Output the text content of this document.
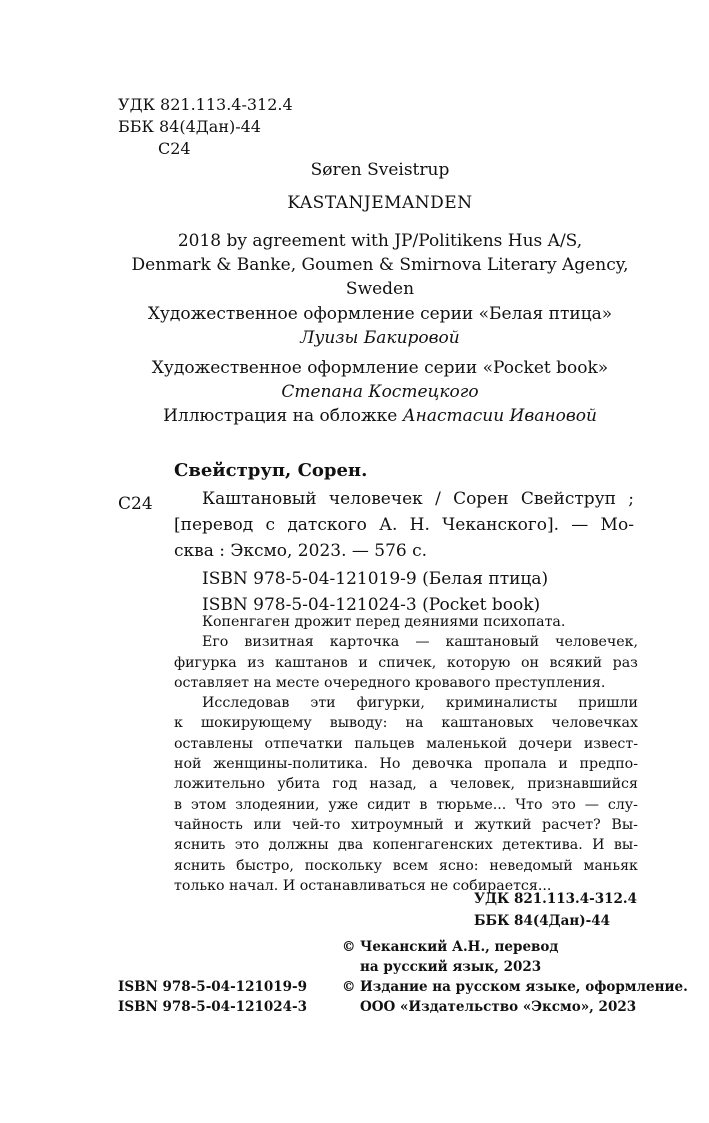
УДК 821.113.4-312.4
ББК 84(4Дан)-44
С24
Søren Sveistrup
KASTANJEMANDEN
2018 by agreement with JP/Politikens Hus A/S,
Denmark & Banke, Goumen & Smirnova Literary Agency,
Sweden
Художественное оформление серии «Белая птица»
Луизы Бакировой
Художественное оформление серии «Pocket book»
Степана Костецкого
Иллюстрация на обложке Анастасии Ивановой
Свейструп, Сорен.
С24	Каштановый человечек / Сорен Свейструп ;
[перевод с датского А. Н. Чеканского]. — Мо-
сква : Эксмо, 2023. — 576 с.
ISBN 978-5-04-121019-9 (Белая птица)
ISBN 978-5-04-121024-3 (Pocket book)
Копенгаген дрожит перед деяниями психопата.
Его визитная карточка — каштановый человечек,
фигурка из каштанов и спичек, которую он всякий раз
оставляет на месте очередного кровавого преступления.
Исследовав эти фигурки, криминалисты пришли
к шокирующему выводу: на каштановых человечках
оставлены отпечатки пальцев маленькой дочери извест-
ной женщины-политика. Но девочка пропала и предпо-
ложительно убита год назад, а человек, признавшийся
в этом злодеянии, уже сидит в тюрьме... Что это — слу-
чайность или чей-то хитроумный и жуткий расчет? Вы-
яснить это должны два копенгагенских детектива. И вы-
яснить быстро, поскольку всем ясно: неведомый маньяк
только начал. И останавливаться не собирается...
УДК 821.113.4-312.4
ББК 84(4Дан)-44
© Чеканский А.Н., перевод
на русский язык, 2023
© Издание на русском языке, оформление.
ООО «Издательство «Эксмо», 2023
ISBN 978-5-04-121019-9
ISBN 978-5-04-121024-3
